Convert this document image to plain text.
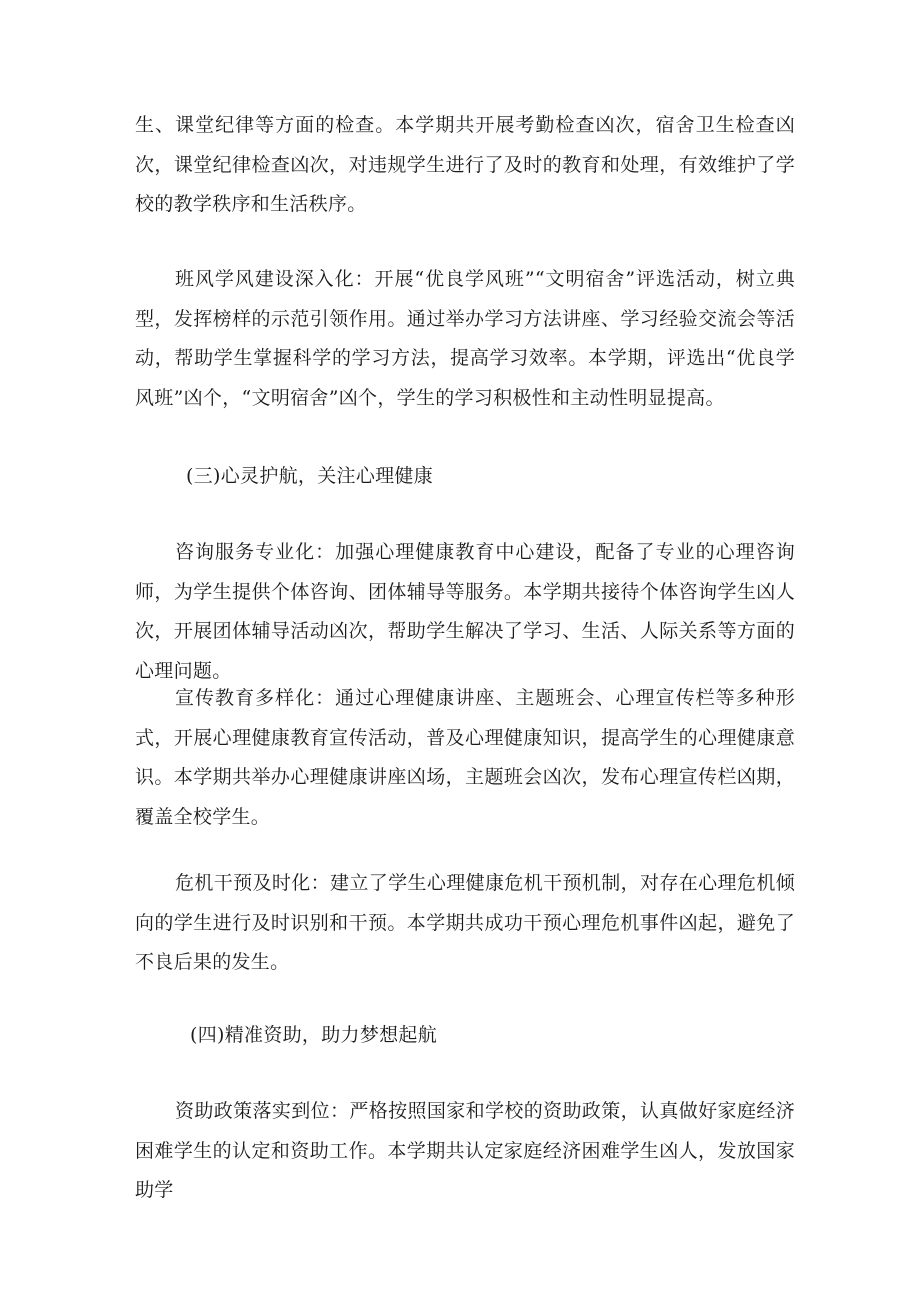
生、课堂纪律等方面的检查。本学期共开展考勤检查凶次，宿舍卫生检查凶次，课堂纪律检查凶次，对违规学生进行了及时的教育和处理，有效维护了学校的教学秩序和生活秩序。

班风学风建设深入化：开展“优良学风班”“文明宿舍”评选活动，树立典型，发挥榜样的示范引领作用。通过举办学习方法讲座、学习经验交流会等活动，帮助学生掌握科学的学习方法，提高学习效率。本学期，评选出“优良学风班”凶个，“文明宿舍”凶个，学生的学习积极性和主动性明显提高。

(三)心灵护航，关注心理健康

咨询服务专业化：加强心理健康教育中心建设，配备了专业的心理咨询师，为学生提供个体咨询、团体辅导等服务。本学期共接待个体咨询学生凶人次，开展团体辅导活动凶次，帮助学生解决了学习、生活、人际关系等方面的心理问题。

宣传教育多样化：通过心理健康讲座、主题班会、心理宣传栏等多种形式，开展心理健康教育宣传活动，普及心理健康知识，提高学生的心理健康意识。本学期共举办心理健康讲座凶场，主题班会凶次，发布心理宣传栏凶期，覆盖全校学生。

危机干预及时化：建立了学生心理健康危机干预机制，对存在心理危机倾向的学生进行及时识别和干预。本学期共成功干预心理危机事件凶起，避免了不良后果的发生。

(四)精准资助，助力梦想起航

资助政策落实到位：严格按照国家和学校的资助政策，认真做好家庭经济困难学生的认定和资助工作。本学期共认定家庭经济困难学生凶人，发放国家助学
